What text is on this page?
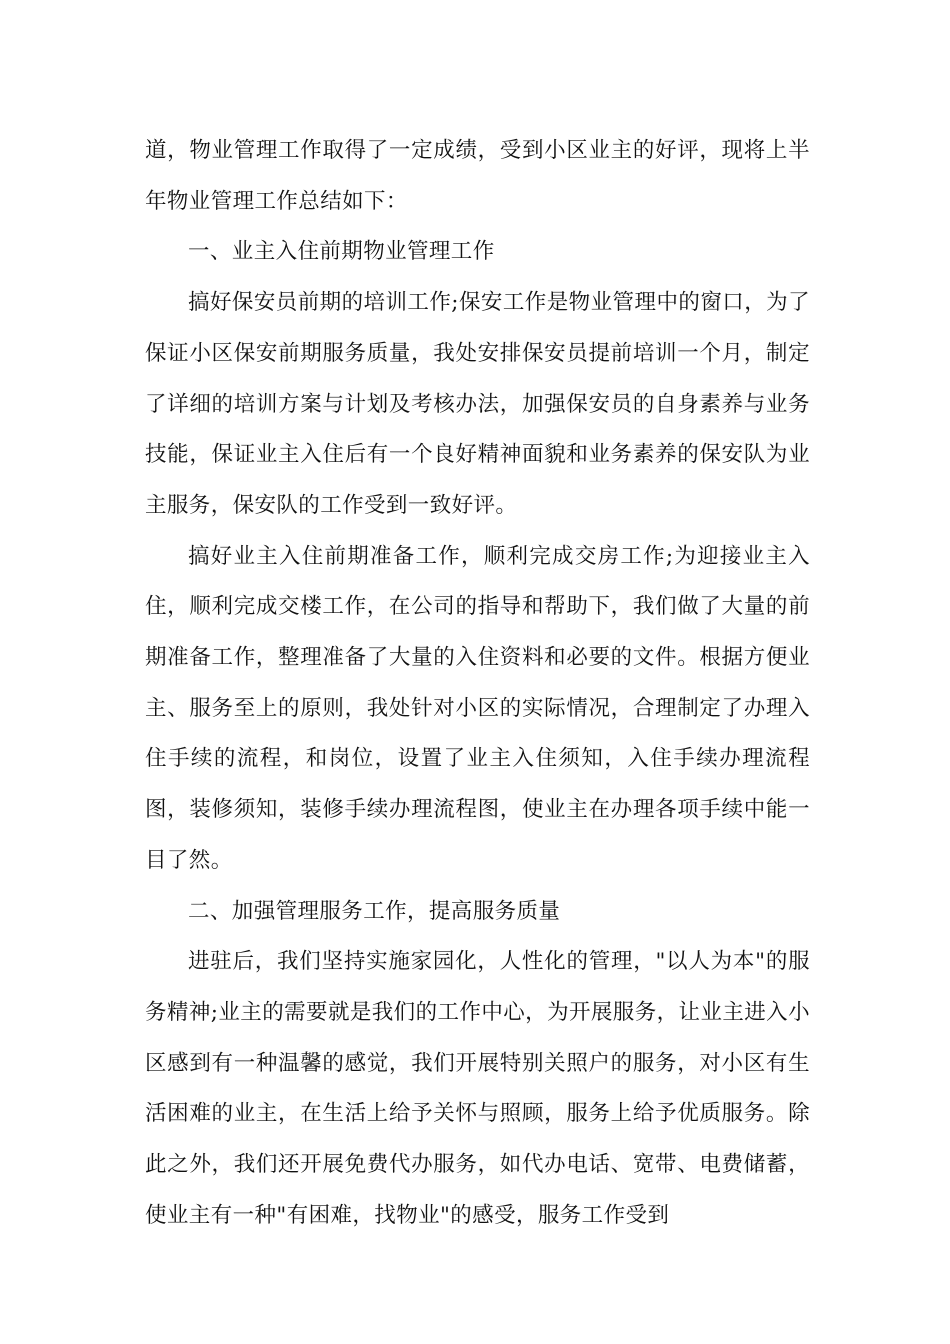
道，物业管理工作取得了一定成绩，受到小区业主的好评，现将上半年物业管理工作总结如下：

一、业主入住前期物业管理工作

搞好保安员前期的培训工作;保安工作是物业管理中的窗口，为了保证小区保安前期服务质量，我处安排保安员提前培训一个月，制定了详细的培训方案与计划及考核办法，加强保安员的自身素养与业务技能，保证业主入住后有一个良好精神面貌和业务素养的保安队为业主服务，保安队的工作受到一致好评。

搞好业主入住前期准备工作，顺利完成交房工作;为迎接业主入住，顺利完成交楼工作，在公司的指导和帮助下，我们做了大量的前期准备工作，整理准备了大量的入住资料和必要的文件。根据方便业主、服务至上的原则，我处针对小区的实际情况，合理制定了办理入住手续的流程，和岗位，设置了业主入住须知，入住手续办理流程图，装修须知，装修手续办理流程图，使业主在办理各项手续中能一目了然。

二、加强管理服务工作，提高服务质量

进驻后，我们坚持实施家园化，人性化的管理，"以人为本"的服务精神;业主的需要就是我们的工作中心，为开展服务，让业主进入小区感到有一种温馨的感觉，我们开展特别关照户的服务，对小区有生活困难的业主，在生活上给予关怀与照顾，服务上给予优质服务。除此之外，我们还开展免费代办服务，如代办电话、宽带、电费储蓄，使业主有一种"有困难，找物业"的感受，服务工作受到
